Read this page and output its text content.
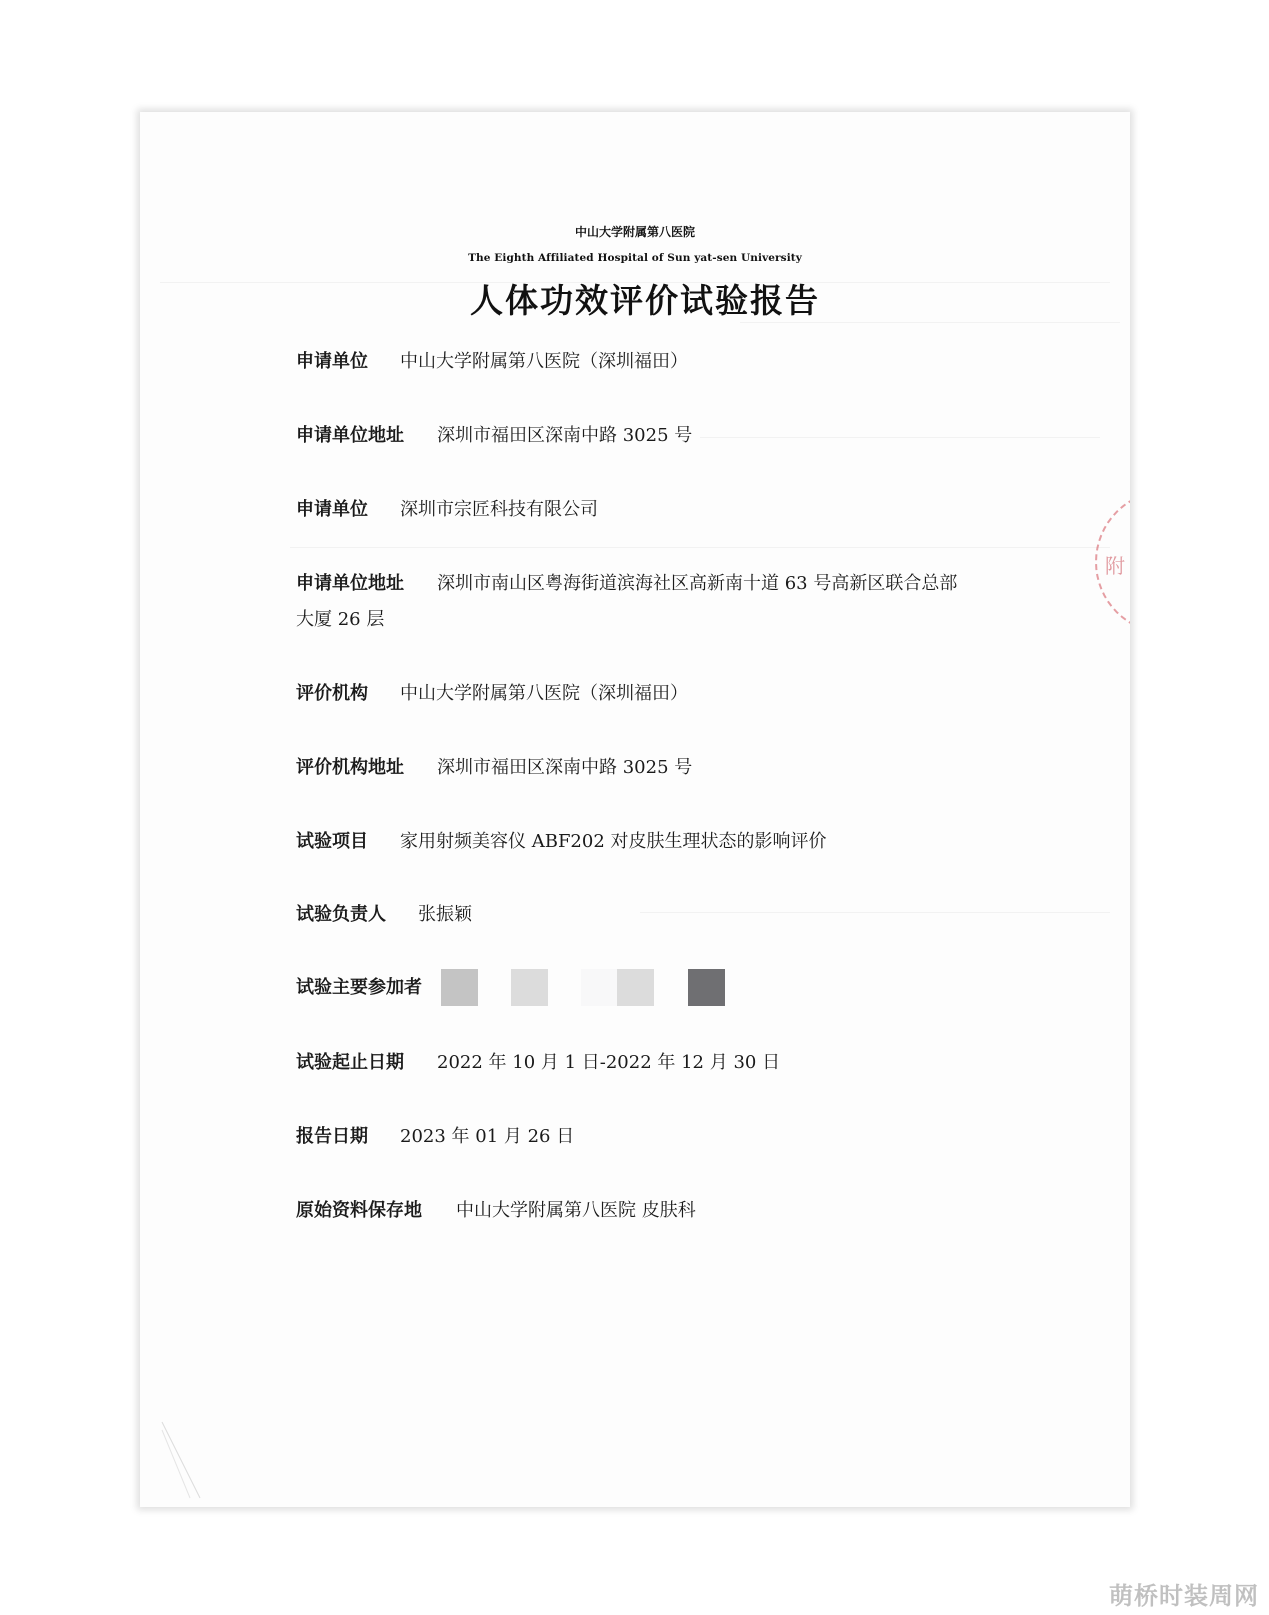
中山大学附属第八医院
The Eighth Affiliated Hospital of Sun yat-sen University
人体功效评价试验报告
附
申请单位 中山大学附属第八医院（深圳福田）
申请单位地址 深圳市福田区深南中路 3025 号
申请单位 深圳市宗匠科技有限公司
申请单位地址 深圳市南山区粤海街道滨海社区高新南十道 63 号高新区联合总部
大厦 26 层
评价机构 中山大学附属第八医院（深圳福田）
评价机构地址 深圳市福田区深南中路 3025 号
试验项目 家用射频美容仪 ABF202 对皮肤生理状态的影响评价
试验负责人 张振颖
试验主要参加者
试验起止日期 2022 年 10 月 1 日-2022 年 12 月 30 日
报告日期 2023 年 01 月 26 日
原始资料保存地 中山大学附属第八医院 皮肤科
萌桥时装周网
